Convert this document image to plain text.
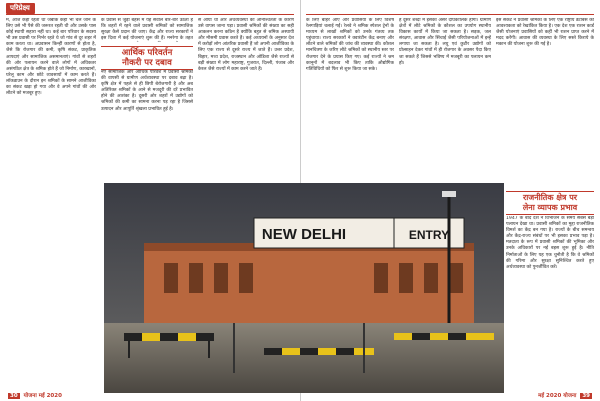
परिप्रेक्ष्य

में, आज कहां रहता था जबकि कहीं भी चले जाने के लिए उसे भी पैसे की जरूरत रहती थी और उसके पास कोई स्थायी सहारा नहीं था। कई बार परिवार के सदस्य भी उस प्रवासी पर निर्भर रहते थे जो गांव से दूर शहर में काम करता था। अप्रवासन किन्हीं कारणों से होता है, जैसे कि रोजगार की कमी, कृषि संकट, प्राकृतिक आपदाएं और सामाजिक असमानताएं। गांवों से शहरों की ओर पलायन करने वाले लोगों में अधिकतर असंगठित क्षेत्र के श्रमिक होते हैं जो निर्माण, कारखानों, घरेलू काम और छोटे व्यवसायों में काम करते हैं। लॉकडाउन के दौरान इन श्रमिकों के सामने आजीविका का संकट खड़ा हो गया और वे अपने गांवों की ओर लौटने को मजबूर हुए।

के प्रवास से जुड़ी बहस में यह सवाल बार-बार उठता है कि शहरों में रहने वाले प्रवासी श्रमिकों को सामाजिक सुरक्षा कैसे प्रदान की जाए। केंद्र और राज्य सरकारों ने इस दिशा में कई योजनाएं शुरू की हैं। मनरेगा के तहत

आर्थिक परिवर्तन
नौकरी पर दबाव

नए सामाजिक और आर्थिक परिवेश में प्रवासी श्रमिकों की वापसी से ग्रामीण अर्थव्यवस्था पर दबाव बढ़ा है। कृषि क्षेत्र में पहले से ही छिपी बेरोजगारी है और अब अतिरिक्त श्रमिकों के आने से मजदूरी की दरें प्रभावित होने की आशंका है। दूसरी ओर शहरों में उद्योगों को श्रमिकों की कमी का सामना करना पड़ रहा है जिससे उत्पादन और आपूर्ति श्रृंखला प्रभावित हुई है।

से आया था और अर्थव्यवस्था की अनिश्चितता के कारण उसे वापस जाना पड़ा। प्रवासी श्रमिकों की संख्या का सही आकलन करना कठिन है क्योंकि बहुत से श्रमिक अस्थायी और मौसमी प्रवास करते हैं। कई अध्ययनों के अनुसार देश में करोड़ों लोग आंतरिक प्रवासी हैं जो अपनी आजीविका के लिए एक राज्य से दूसरे राज्य में जाते हैं। उत्तर प्रदेश, बिहार, मध्य प्रदेश, राजस्थान और ओडिशा जैसे राज्यों से बड़ी संख्या में लोग महाराष्ट्र, गुजरात, दिल्ली, पंजाब और केरल जैसे राज्यों में काम करने जाते हैं।

30 योजना मई 2020

के लिए बाहर आए और प्रवासियों के लिए विशेष रेलगाड़ियां चलाई गईं। रेलवे ने श्रमिक स्पेशल ट्रेनों के माध्यम से लाखों श्रमिकों को उनके गंतव्य तक पहुंचाया। राज्य सरकारों ने क्वारंटीन केंद्र बनाए और लौटने वाले श्रमिकों की जांच की व्यवस्था की। कौशल मानचित्रण के जरिए लौटे श्रमिकों को स्थानीय स्तर पर रोजगार देने के प्रयास किए गए। कई राज्यों ने श्रम कानूनों में बदलाव भी किए ताकि औद्योगिक गतिविधियों को फिर से शुरू किया जा सके।

है दूसरे शब्दों में इसका असर दीर्घकालिक होगा। ग्रामीण क्षेत्रों में लौटे श्रमिकों के कौशल का उपयोग स्थानीय विकास कार्यों में किया जा सकता है। सड़क, जल संरक्षण, आवास और सिंचाई जैसी परियोजनाओं में इन्हें लगाया जा सकता है। लघु एवं कुटीर उद्योगों को प्रोत्साहन देकर गांवों में ही रोजगार के अवसर पैदा किए जा सकते हैं जिससे भविष्य में मजबूरी का पलायन कम हो।

इस संकट ने प्रवासी श्रमिकों के लिए एक राष्ट्रीय डेटाबेस की आवश्यकता को रेखांकित किया है। एक देश एक राशन कार्ड जैसी योजनाएं प्रवासियों को कहीं भी राशन प्राप्त करने में मदद करेंगी। आवास की व्यवस्था के लिए सस्ते किराये के मकान की योजना शुरू की गई है।

राजनीतिक क्षेत्र पर
लेना व्यापक प्रभाव

1947 के बाद देश ने विभाजन के समय सबसे बड़ा पलायन देखा था। प्रवासी श्रमिकों का मुद्दा राजनीतिक विमर्श का केंद्र बन गया है। राज्यों के बीच समन्वय और केंद्र-राज्य संबंधों पर भी इसका प्रभाव पड़ा है। मतदाता के रूप में प्रवासी श्रमिकों की भूमिका और उनके अधिकारों पर नई बहस शुरू हुई है। नीति निर्माताओं के लिए यह एक चुनौती है कि वे श्रमिकों की गरिमा और सुरक्षा सुनिश्चित करते हुए अर्थव्यवस्था को पुनर्जीवित करें।

मई 2020 योजना 39
NEW DELHI	ENTRY
